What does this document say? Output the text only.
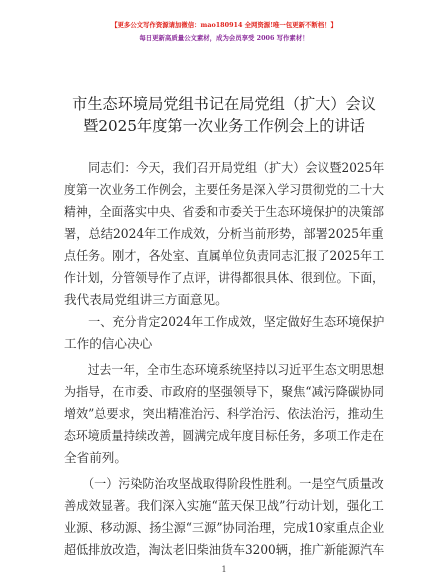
【更多公文写作资源请加微信：mao180914 全网资源!唯一包更新不断档！】
每日更新高质量公文素材，成为会员享受 2006 写作素材！
市生态环境局党组书记在局党组（扩大）会议
暨2025年度第一次业务工作例会上的讲话
　　同志们：今天，我们召开局党组（扩大）会议暨2025年
度第一次业务工作例会，主要任务是深入学习贯彻党的二十大
精神，全面落实中央、省委和市委关于生态环境保护的决策部
署，总结2024年工作成效，分析当前形势，部署2025年重
点任务。刚才，各处室、直属单位负责同志汇报了2025年工
作计划，分管领导作了点评，讲得都很具体、很到位。下面，
我代表局党组讲三方面意见。
　　一、充分肯定2024年工作成效，坚定做好生态环境保护
工作的信心决心
　　过去一年，全市生态环境系统坚持以习近平生态文明思想
为指导，在市委、市政府的坚强领导下，聚焦“减污降碳协同
增效”总要求，突出精准治污、科学治污、依法治污，推动生
态环境质量持续改善，圆满完成年度目标任务，多项工作走在
全省前列。
　　（一）污染防治攻坚战取得阶段性胜利。一是空气质量改
善成效显著。我们深入实施“蓝天保卫战”行动计划，强化工
业源、移动源、扬尘源“三源”协同治理，完成10家重点企业
超低排放改造，淘汰老旧柴油货车3200辆，推广新能源汽车
1
